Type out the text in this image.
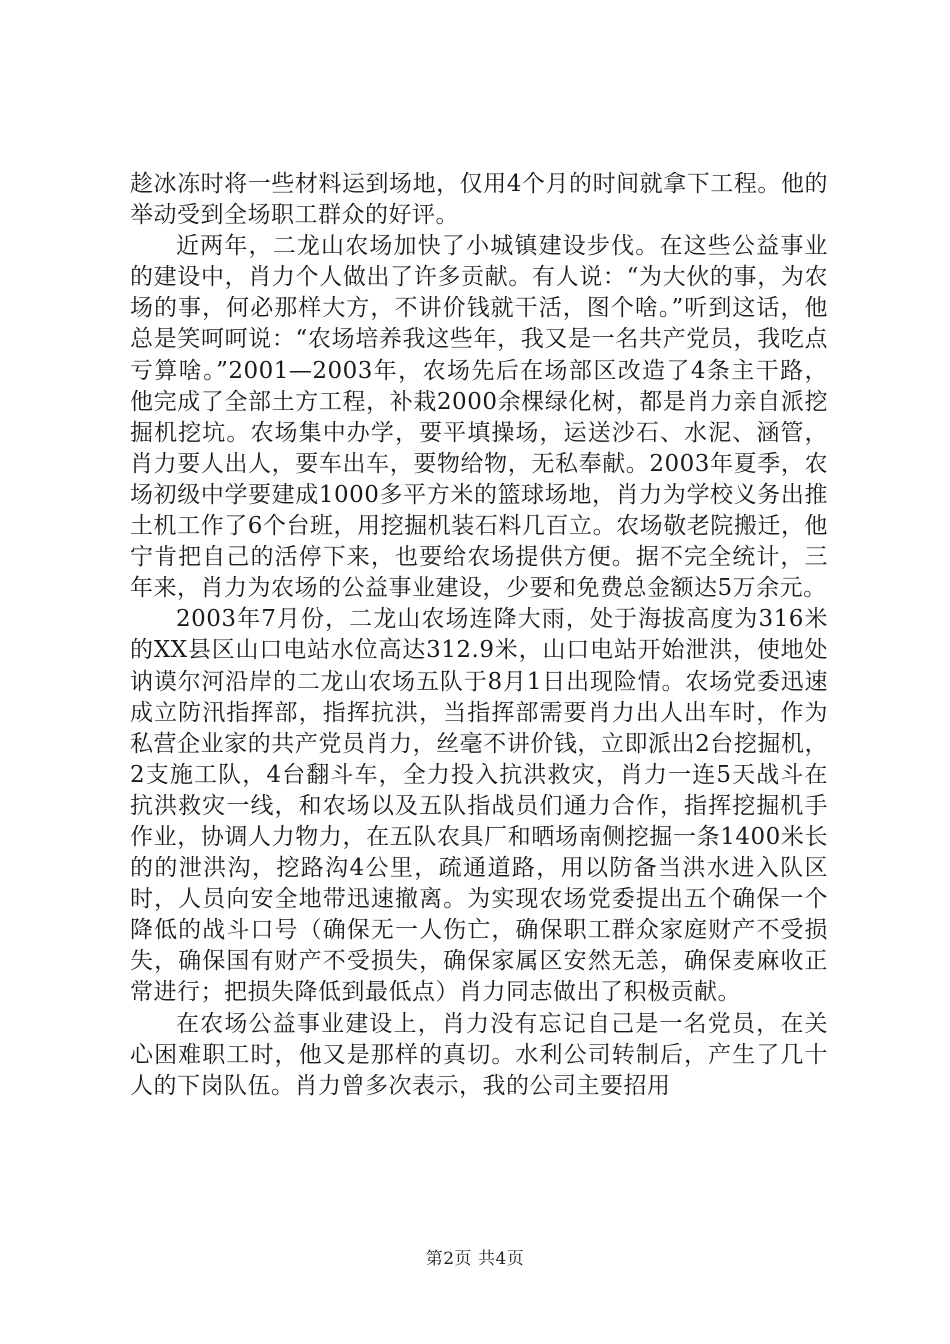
趁冰冻时将一些材料运到场地，仅用4个月的时间就拿下工程。他的举动受到全场职工群众的好评。

近两年，二龙山农场加快了小城镇建设步伐。在这些公益事业的建设中，肖力个人做出了许多贡献。有人说：“为大伙的事，为农场的事，何必那样大方，不讲价钱就干活，图个啥。”听到这话，他总是笑呵呵说：“农场培养我这些年，我又是一名共产党员，我吃点亏算啥。”2001—2003年，农场先后在场部区改造了4条主干路，他完成了全部土方工程，补栽2000余棵绿化树，都是肖力亲自派挖掘机挖坑。农场集中办学，要平填操场，运送沙石、水泥、涵管，肖力要人出人，要车出车，要物给物，无私奉献。2003年夏季，农场初级中学要建成1000多平方米的篮球场地，肖力为学校义务出推土机工作了6个台班，用挖掘机装石料几百立。农场敬老院搬迁，他宁肯把自己的活停下来，也要给农场提供方便。据不完全统计，三年来，肖力为农场的公益事业建设，少要和免费总金额达5万余元。

2003年7月份，二龙山农场连降大雨，处于海拔高度为316米的XX县区山口电站水位高达312.9米，山口电站开始泄洪，使地处讷谟尔河沿岸的二龙山农场五队于8月1日出现险情。农场党委迅速成立防汛指挥部，指挥抗洪，当指挥部需要肖力出人出车时，作为私营企业家的共产党员肖力，丝毫不讲价钱，立即派出2台挖掘机，2支施工队，4台翻斗车，全力投入抗洪救灾，肖力一连5天战斗在抗洪救灾一线，和农场以及五队指战员们通力合作，指挥挖掘机手作业，协调人力物力，在五队农具厂和晒场南侧挖掘一条1400米长的的泄洪沟，挖路沟4公里，疏通道路，用以防备当洪水进入队区时，人员向安全地带迅速撤离。为实现农场党委提出五个确保一个降低的战斗口号（确保无一人伤亡，确保职工群众家庭财产不受损失，确保国有财产不受损失，确保家属区安然无恙，确保麦麻收正常进行；把损失降低到最低点）肖力同志做出了积极贡献。

在农场公益事业建设上，肖力没有忘记自己是一名党员，在关心困难职工时，他又是那样的真切。水利公司转制后，产生了几十人的下岗队伍。肖力曾多次表示，我的公司主要招用

第2页 共4页
